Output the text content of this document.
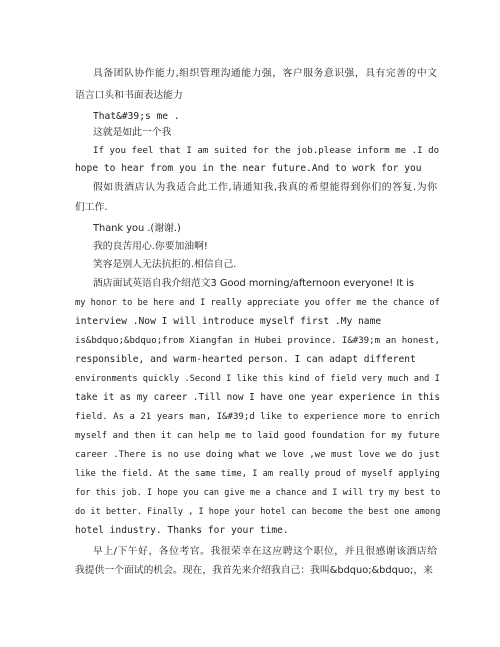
具备团队协作能力,组织管理沟通能力强，客户服务意识强，具有完善的中文

语言口头和书面表达能力

That&#39;s me .

这就是如此一个我

If you feel that I am suited for the job.please inform me .I do

hope to hear from you in the near future.And to work for you

假如贵酒店认为我适合此工作,请通知我,我真的希望能得到你们的答复.为你

们工作.

Thank you .(谢谢.)

我的良苦用心.你要加油啊!

笑容是别人无法抗拒的.相信自己.

酒店面试英语自我介绍范文3 Good morning/afternoon everyone! It is

my honor to be here and I really appreciate you offer me the chance of

interview .Now I will introduce myself first .My name

is&bdquo;&bdquo;from Xiangfan in Hubei province. I&#39;m an honest,

responsible, and warm-hearted person. I can adapt different

environments quickly .Second I like this kind of field very much and I

take it as my career .Till now I have one year experience in this

field. As a 21 years man, I&#39;d like to experience more to enrich

myself and then it can help me to laid good foundation for my future

career .There is no use doing what we love ,we must love we do just

like the field. At the same time, I am really proud of myself applying

for this job. I hope you can give me a chance and I will try my best to

do it better. Finally , I hope your hotel can become the best one among

hotel industry. Thanks for your time.

早上/下午好，各位考官。我很荣幸在这应聘这个职位，并且很感谢该酒店给

我提供一个面试的机会。现在，我首先来介绍我自己：我叫&bdquo;&bdquo;，来
